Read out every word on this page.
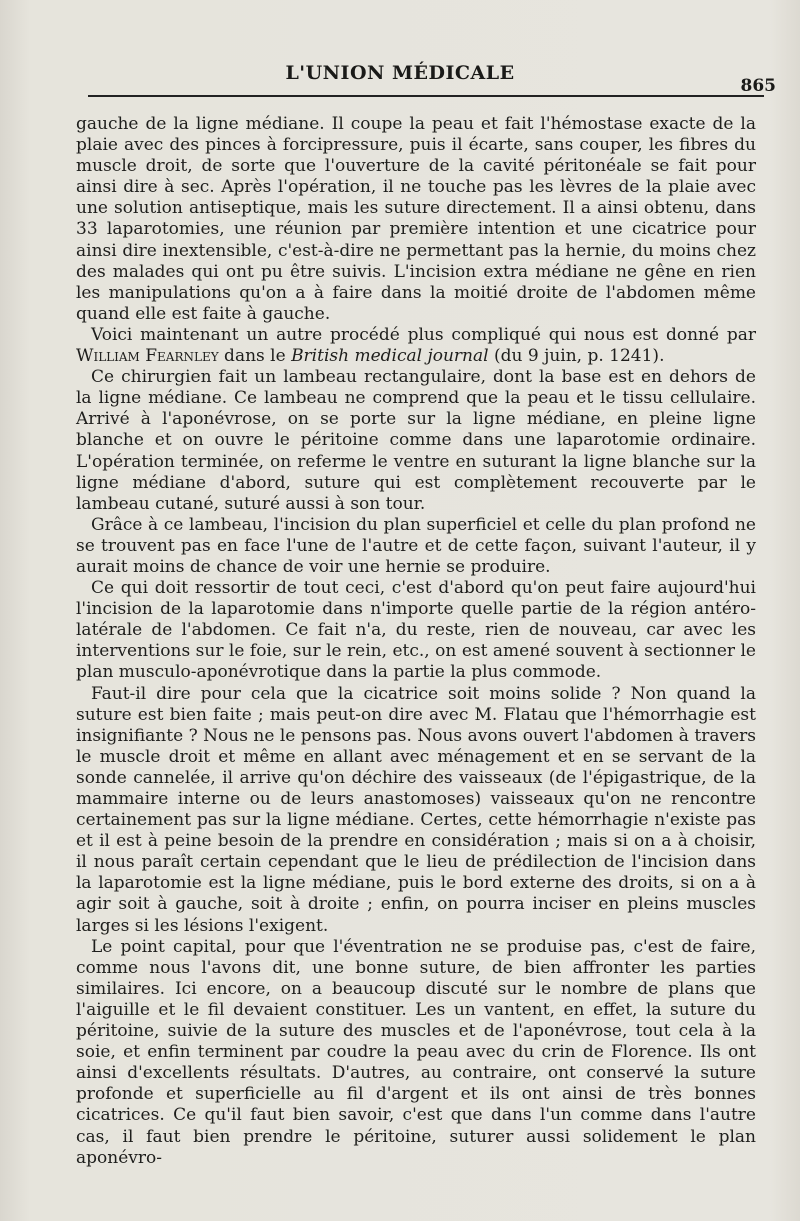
L'UNION MÉDICALE
865

gauche de la ligne médiane. Il coupe la peau et fait l'hémostase exacte de la plaie avec des pinces à forcipressure, puis il écarte, sans couper, les fibres du muscle droit, de sorte que l'ouverture de la cavité péritonéale se fait pour ainsi dire à sec. Après l'opération, il ne touche pas les lèvres de la plaie avec une solution antiseptique, mais les suture directement. Il a ainsi obtenu, dans 33 laparotomies, une réunion par première intention et une cicatrice pour ainsi dire inextensible, c'est-à-dire ne permettant pas la hernie, du moins chez des malades qui ont pu être suivis. L'incision extra médiane ne gêne en rien les manipulations qu'on a à faire dans la moitié droite de l'abdomen même quand elle est faite à gauche.

Voici maintenant un autre procédé plus compliqué qui nous est donné par William Fearnley dans le British medical journal (du 9 juin, p. 1241).

Ce chirurgien fait un lambeau rectangulaire, dont la base est en dehors de la ligne médiane. Ce lambeau ne comprend que la peau et le tissu cellulaire. Arrivé à l'aponévrose, on se porte sur la ligne médiane, en pleine ligne blanche et on ouvre le péritoine comme dans une laparotomie ordinaire. L'opération terminée, on referme le ventre en suturant la ligne blanche sur la ligne médiane d'abord, suture qui est complètement recouverte par le lambeau cutané, suturé aussi à son tour.

Grâce à ce lambeau, l'incision du plan superficiel et celle du plan profond ne se trouvent pas en face l'une de l'autre et de cette façon, suivant l'auteur, il y aurait moins de chance de voir une hernie se produire.

Ce qui doit ressortir de tout ceci, c'est d'abord qu'on peut faire aujourd'hui l'incision de la laparotomie dans n'importe quelle partie de la région antéro-latérale de l'abdomen. Ce fait n'a, du reste, rien de nouveau, car avec les interventions sur le foie, sur le rein, etc., on est amené souvent à sectionner le plan musculo-aponévrotique dans la partie la plus commode.

Faut-il dire pour cela que la cicatrice soit moins solide ? Non quand la suture est bien faite ; mais peut-on dire avec M. Flatau que l'hémorrhagie est insignifiante ? Nous ne le pensons pas. Nous avons ouvert l'abdomen à travers le muscle droit et même en allant avec ménagement et en se servant de la sonde cannelée, il arrive qu'on déchire des vaisseaux (de l'épigastrique, de la mammaire interne ou de leurs anastomoses) vaisseaux qu'on ne rencontre certainement pas sur la ligne médiane. Certes, cette hémorrhagie n'existe pas et il est à peine besoin de la prendre en considération ; mais si on a à choisir, il nous paraît certain cependant que le lieu de prédilection de l'incision dans la laparotomie est la ligne médiane, puis le bord externe des droits, si on a à agir soit à gauche, soit à droite ; enfin, on pourra inciser en pleins muscles larges si les lésions l'exigent.

Le point capital, pour que l'éventration ne se produise pas, c'est de faire, comme nous l'avons dit, une bonne suture, de bien affronter les parties similaires. Ici encore, on a beaucoup discuté sur le nombre de plans que l'aiguille et le fil devaient constituer. Les un vantent, en effet, la suture du péritoine, suivie de la suture des muscles et de l'aponévrose, tout cela à la soie, et enfin terminent par coudre la peau avec du crin de Florence. Ils ont ainsi d'excellents résultats. D'autres, au contraire, ont conservé la suture profonde et superficielle au fil d'argent et ils ont ainsi de très bonnes cicatrices. Ce qu'il faut bien savoir, c'est que dans l'un comme dans l'autre cas, il faut bien prendre le péritoine, suturer aussi solidement le plan aponévro-
